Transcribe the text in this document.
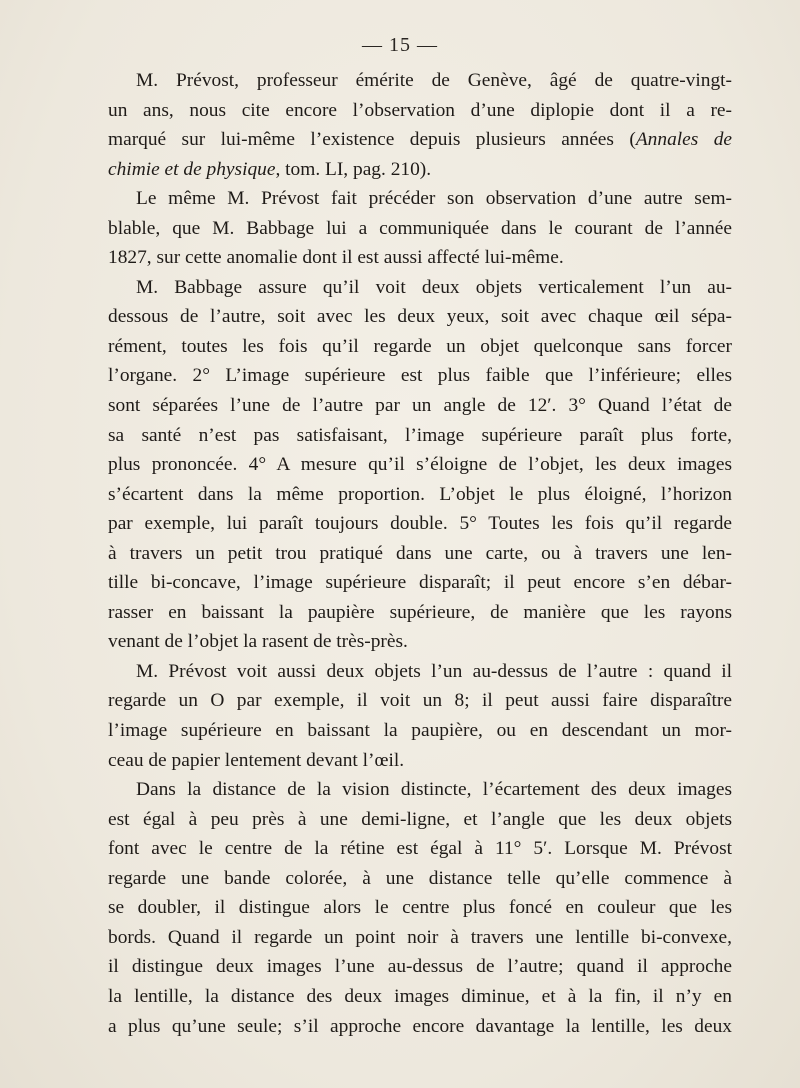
— 15 —
M. Prévost, professeur émérite de Genève, âgé de quatre-vingt-
un ans, nous cite encore l’observation d’une diplopie dont il a re-
marqué sur lui-même l’existence depuis plusieurs années (Annales de
chimie et de physique, tom. LI, pag. 210).
Le même M. Prévost fait précéder son observation d’une autre sem-
blable, que M. Babbage lui a communiquée dans le courant de l’année
1827, sur cette anomalie dont il est aussi affecté lui-même.
M. Babbage assure qu’il voit deux objets verticalement l’un au-
dessous de l’autre, soit avec les deux yeux, soit avec chaque œil sépa-
rément, toutes les fois qu’il regarde un objet quelconque sans forcer
l’organe. 2° L’image supérieure est plus faible que l’inférieure; elles
sont séparées l’une de l’autre par un angle de 12′. 3° Quand l’état de
sa santé n’est pas satisfaisant, l’image supérieure paraît plus forte,
plus prononcée. 4° A mesure qu’il s’éloigne de l’objet, les deux images
s’écartent dans la même proportion. L’objet le plus éloigné, l’horizon
par exemple, lui paraît toujours double. 5° Toutes les fois qu’il regarde
à travers un petit trou pratiqué dans une carte, ou à travers une len-
tille bi-concave, l’image supérieure disparaît; il peut encore s’en débar-
rasser en baissant la paupière supérieure, de manière que les rayons
venant de l’objet la rasent de très-près.
M. Prévost voit aussi deux objets l’un au-dessus de l’autre : quand il
regarde un O par exemple, il voit un 8; il peut aussi faire disparaître
l’image supérieure en baissant la paupière, ou en descendant un mor-
ceau de papier lentement devant l’œil.
Dans la distance de la vision distincte, l’écartement des deux images
est égal à peu près à une demi-ligne, et l’angle que les deux objets
font avec le centre de la rétine est égal à 11° 5′. Lorsque M. Prévost
regarde une bande colorée, à une distance telle qu’elle commence à
se doubler, il distingue alors le centre plus foncé en couleur que les
bords. Quand il regarde un point noir à travers une lentille bi-convexe,
il distingue deux images l’une au-dessus de l’autre; quand il approche
la lentille, la distance des deux images diminue, et à la fin, il n’y en
a plus qu’une seule; s’il approche encore davantage la lentille, les deux
